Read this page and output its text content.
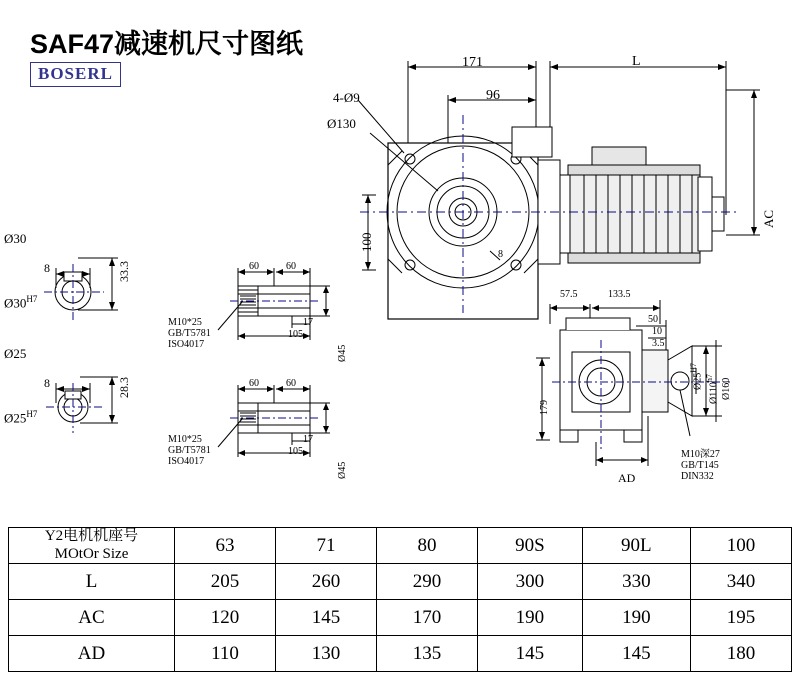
SAF47减速机尺寸图纸
BOSERL
171
96
L
4-Ø9
Ø130
100
AC
8
Ø30
8	33.3
$Ø30^{H7}$
Ø25
8	28.3
$Ø25^{H7}$
60	60
17
105
Ø45
M10*25
GB/T5781
ISO4017
60	60
17
105
Ø45
M10*25
GB/T5781
ISO4017
57.5	133.5
50
10
3.5
179
AD
$Ø25^{H7}$
$Ø110^{h7}$ Ø160
M10深27
GB/T145
DIN332
Y2电机机座号
MOtOr Size	63	71	80	90S	90L	100
L	205	260	290	300	330	340
AC	120	145	170	190	190	195
AD	110	130	135	145	145	180
